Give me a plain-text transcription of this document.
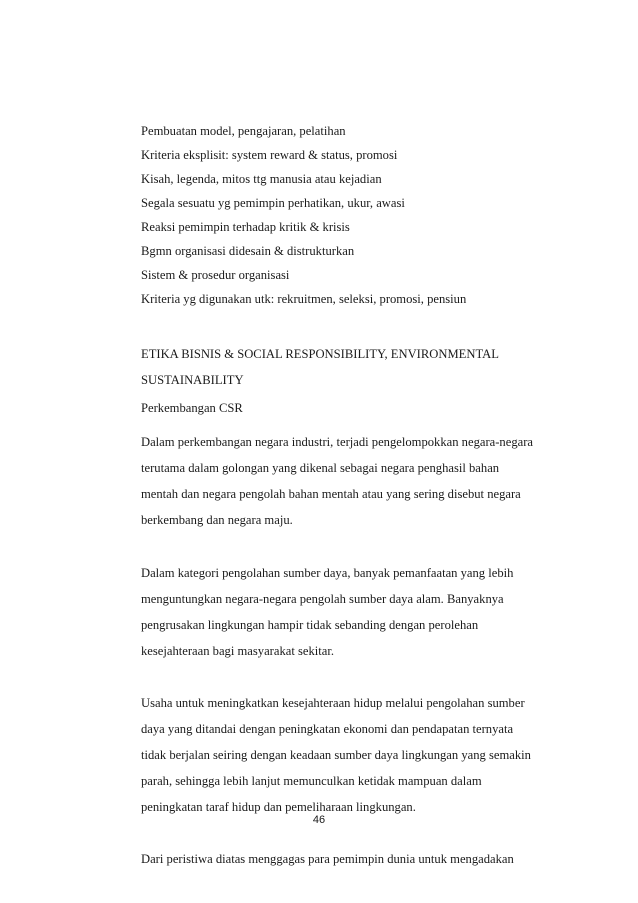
Pembuatan model, pengajaran, pelatihan
Kriteria eksplisit: system reward & status, promosi
Kisah, legenda, mitos ttg manusia atau kejadian
Segala sesuatu yg pemimpin perhatikan, ukur, awasi
Reaksi pemimpin terhadap kritik & krisis
Bgmn organisasi didesain & distrukturkan
Sistem & prosedur organisasi
Kriteria yg digunakan utk: rekruitmen, seleksi, promosi, pensiun
ETIKA BISNIS & SOCIAL RESPONSIBILITY, ENVIRONMENTAL
SUSTAINABILITY
Perkembangan CSR
Dalam perkembangan negara industri, terjadi pengelompokkan negara-negara
terutama dalam golongan yang dikenal sebagai negara penghasil bahan
mentah dan negara pengolah bahan mentah atau yang sering disebut negara
berkembang dan negara maju.
Dalam kategori pengolahan sumber daya, banyak pemanfaatan yang lebih
menguntungkan negara-negara pengolah sumber daya alam. Banyaknya
pengrusakan lingkungan hampir tidak sebanding dengan perolehan
kesejahteraan bagi masyarakat sekitar.
Usaha untuk meningkatkan kesejahteraan hidup melalui pengolahan sumber
daya yang ditandai dengan peningkatan ekonomi dan pendapatan ternyata
tidak berjalan seiring dengan keadaan sumber daya lingkungan yang semakin
parah, sehingga lebih lanjut memunculkan ketidak mampuan dalam
peningkatan taraf hidup dan pemeliharaan lingkungan.
Dari peristiwa diatas menggagas para pemimpin dunia untuk mengadakan
46
